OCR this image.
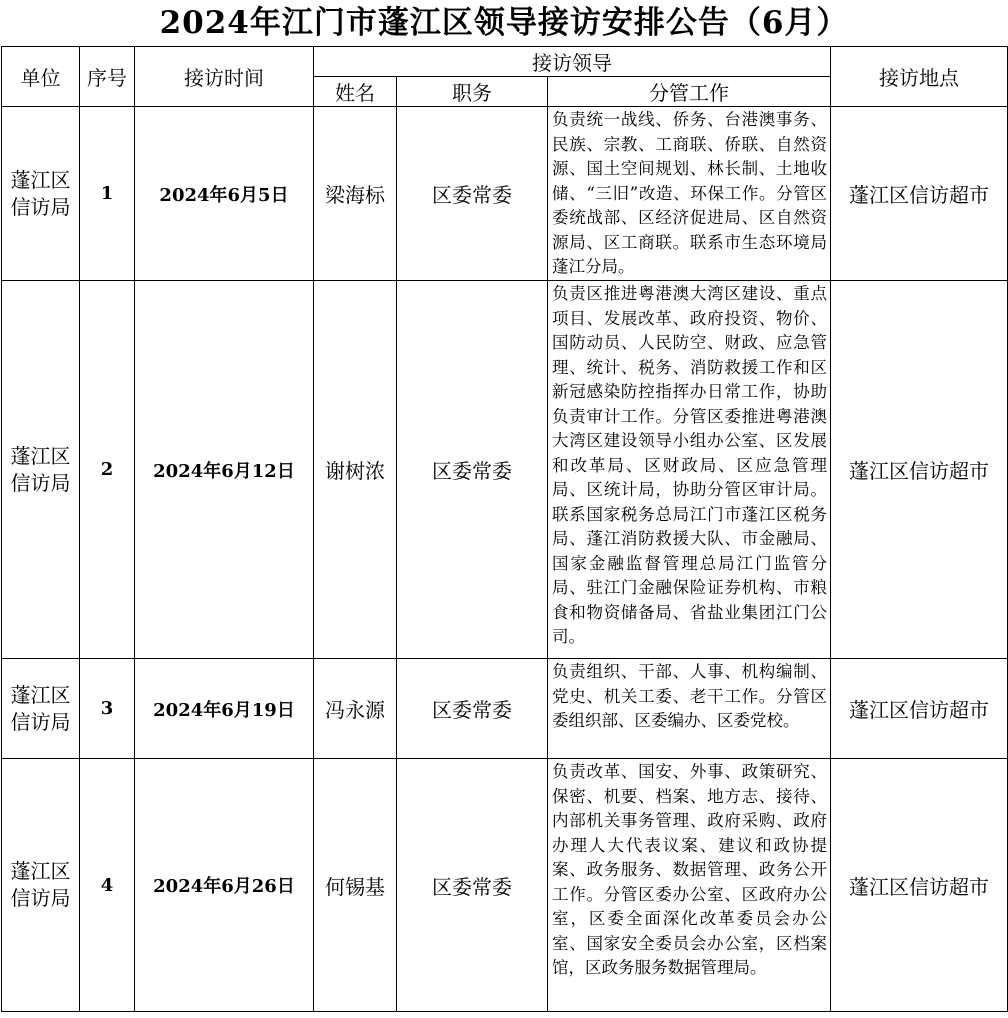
2024年江门市蓬江区领导接访安排公告（6月）
单位	序号	接访时间	接访领导			接访地点
			姓名	职务	分管工作	
蓬江区信访局	1	2024年6月5日	梁海标	区委常委	负责统一战线、侨务、台港澳事务、民族、宗教、工商联、侨联、自然资源、国土空间规划、林长制、土地收储、“三旧”改造、环保工作。分管区委统战部、区经济促进局、区自然资源局、区工商联。联系市生态环境局蓬江分局。	蓬江区信访超市
蓬江区信访局	2	2024年6月12日	谢树浓	区委常委	负责区推进粤港澳大湾区建设、重点项目、发展改革、政府投资、物价、国防动员、人民防空、财政、应急管理、统计、税务、消防救援工作和区新冠感染防控指挥办日常工作，协助负责审计工作。分管区委推进粤港澳大湾区建设领导小组办公室、区发展和改革局、区财政局、区应急管理局、区统计局，协助分管区审计局。联系国家税务总局江门市蓬江区税务局、蓬江消防救援大队、市金融局、国家金融监督管理总局江门监管分局、驻江门金融保险证券机构、市粮食和物资储备局、省盐业集团江门公司。	蓬江区信访超市
蓬江区信访局	3	2024年6月19日	冯永源	区委常委	负责组织、干部、人事、机构编制、党史、机关工委、老干工作。分管区委组织部、区委编办、区委党校。	蓬江区信访超市
蓬江区信访局	4	2024年6月26日	何锡基	区委常委	负责改革、国安、外事、政策研究、保密、机要、档案、地方志、接待、内部机关事务管理、政府采购、政府办理人大代表议案、建议和政协提案、政务服务、数据管理、政务公开工作。分管区委办公室、区政府办公室，区委全面深化改革委员会办公室、国家安全委员会办公室，区档案馆，区政务服务数据管理局。	蓬江区信访超市
